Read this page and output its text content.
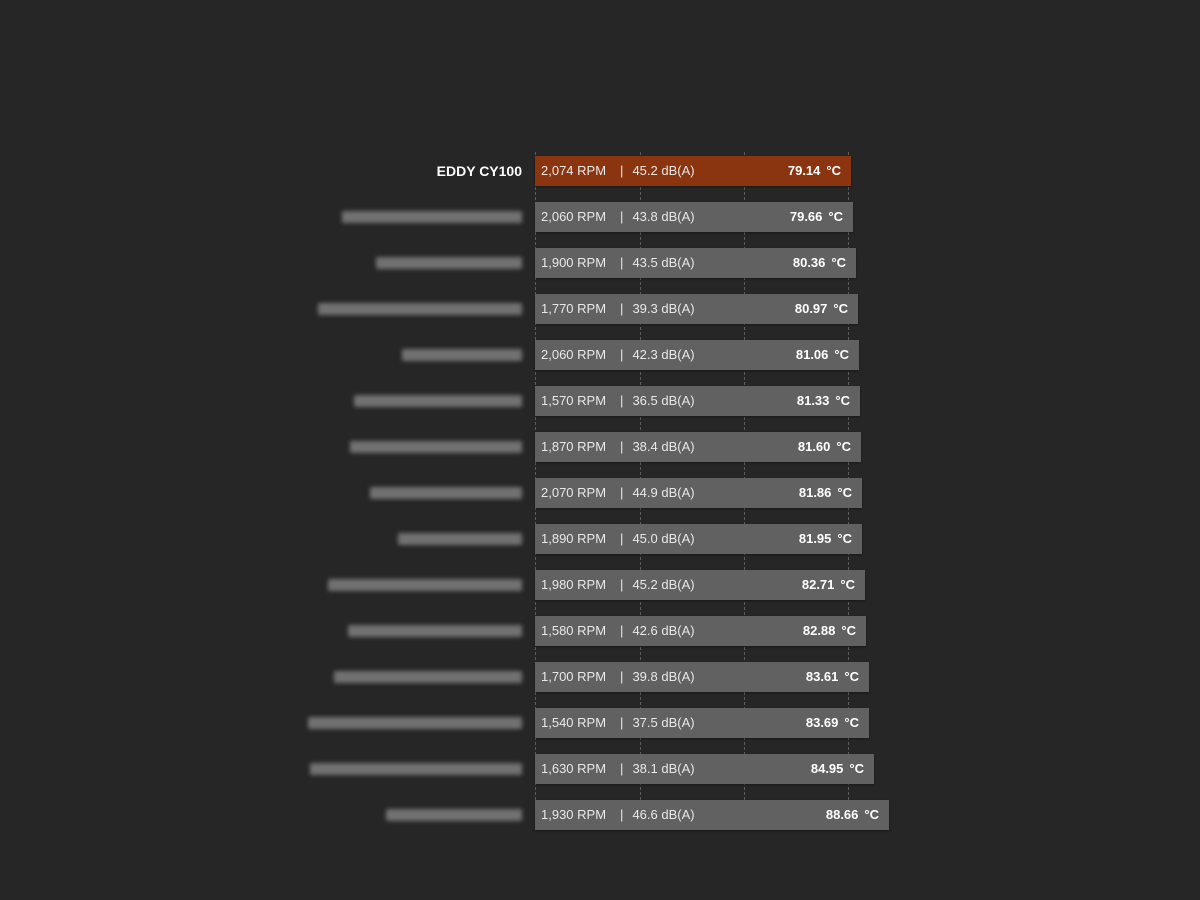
EDDY CY100 2,074 RPM | 45.2 dB(A)	79.14 °C
2,060 RPM | 43.8 dB(A)	79.66 °C
1,900 RPM | 43.5 dB(A)	80.36 °C
1,770 RPM | 39.3 dB(A)	80.97 °C
2,060 RPM | 42.3 dB(A)	81.06 °C
1,570 RPM | 36.5 dB(A)	81.33 °C
1,870 RPM | 38.4 dB(A)	81.60 °C
2,070 RPM | 44.9 dB(A)	81.86 °C
1,890 RPM | 45.0 dB(A)	81.95 °C
1,980 RPM | 45.2 dB(A)	82.71 °C
1,580 RPM | 42.6 dB(A)	82.88 °C
1,700 RPM | 39.8 dB(A)	83.61 °C
1,540 RPM | 37.5 dB(A)	83.69 °C
1,630 RPM | 38.1 dB(A)	84.95 °C
1,930 RPM | 46.6 dB(A)	88.66 °C
